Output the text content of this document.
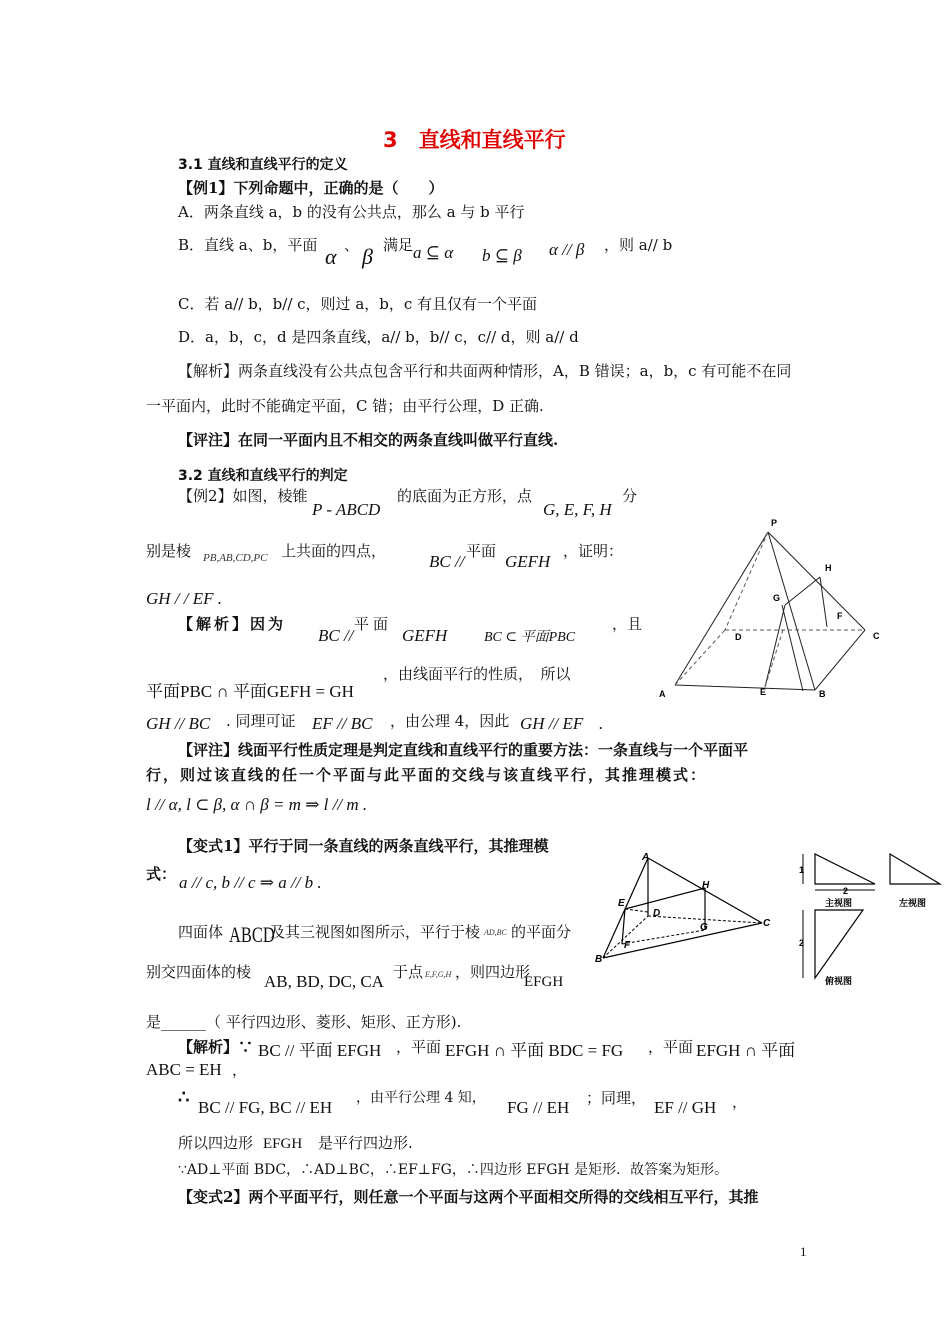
3　直线和直线平行
3.1 直线和直线平行的定义
【例1】下列命题中，正确的是（　　）
A．两条直线 a，b 的没有公共点，那么 a 与 b 平行
B．直线 a、b，平面 α 、 β 满足 a ⊆ α b ⊆ β α // β ，则 a// b
C．若 a// b，b// c，则过 a，b，c 有且仅有一个平面
D．a，b，c，d 是四条直线，a// b，b// c，c// d，则 a// d
【解析】两条直线没有公共点包含平行和共面两种情形，A，B 错误；a，b，c 有可能不在同
一平面内，此时不能确定平面，C 错；由平行公理，D 正确.
【评注】在同一平面内且不相交的两条直线叫做平行直线.
3.2 直线和直线平行的判定
【例2】如图，棱锥
P - ABCD
的底面为正方形，点
G, E, F, H
分
别是棱 PB,AB,CD,PC 上共面的四点，
BC //
平面
GEFH
，证明：
GH / / EF .
【解析】因为
BC //
平面
GEFH	BC ⊂ 平面PBC
，且
平面PBC ∩ 平面GEFH = GH
，由线面平行的性质，　所以
GH // BC . 同理可证 EF // BC ，由公理 4，因此 GH // EF .
【评注】线面平行性质定理是判定直线和直线平行的重要方法：一条直线与一个平面平
行，则过该直线的任一个平面与此平面的交线与该直线平行，其推理模式：
l // α, l ⊂ β, α ∩ β = m ⇒ l // m .
【变式1】平行于同一条直线的两条直线平行，其推理模
式： a // c, b // c ⇒ a // b .
四面体 ABCD
及其三视图如图所示，平行于棱 AD,BC 的平面分
别交四面体的棱 AB, BD, DC, CA 于点 E,F,G,H ，则四边形
EFGH
是______（ 平行四边形、菱形、矩形、正方形).
【解析】∵ BC // 平面 EFGH ，平面 EFGH ∩ 平面 BDC = FG ，平面 EFGH ∩ 平面
ABC = EH ，
∴ BC // FG, BC // EH ，由平行公理 4 知， FG // EH ；同理， EF // GH ，
所以四边形 EFGH 是平行四边形.
∵AD⊥平面 BDC，∴AD⊥BC，∴EF⊥FG，∴四边形 EFGH 是矩形．故答案为矩形。
【变式2】两个平面平行，则任意一个平面与这两个平面相交所得的交线相互平行，其推
P
H
G
F
D	C
A	E	B
A
E
H
D
G	C
B
F
1
2
2
主视图	左视图
俯视图
1
